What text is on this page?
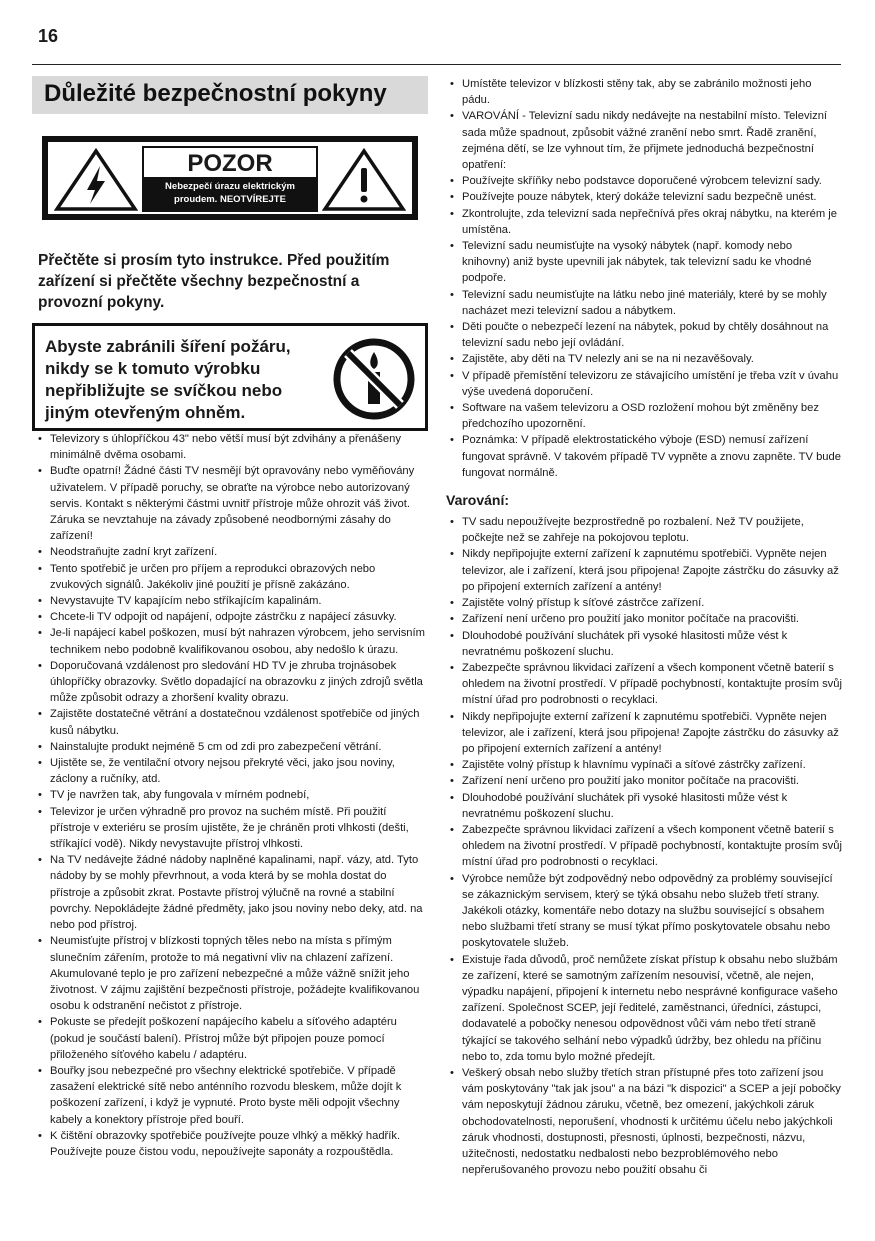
16
Důležité bezpečnostní pokyny
POZOR
Nebezpečí úrazu elektrickým
proudem. NEOTVÍREJTE
Přečtěte si prosím tyto instrukce. Před použitím zařízení si přečtěte všechny bezpečnostní a provozní pokyny.
Abyste zabránili šíření požáru, nikdy se k tomuto výrobku nepřibližujte se svíčkou nebo jiným otevřeným ohněm.
• Televizory s úhlopříčkou 43" nebo větší musí být zdvihány a přenášeny minimálně dvěma osobami.
• Buďte opatrní! Žádné části TV nesmějí být opravovány nebo vyměňovány uživatelem. V případě poruchy, se obraťte na výrobce nebo autorizovaný servis. Kontakt s některými částmi uvnitř přístroje může ohrozit váš život. Záruka se nevztahuje na závady způsobené neodbornými zásahy do zařízení!
• Neodstraňujte zadní kryt zařízení.
• Tento spotřebič je určen pro příjem a reprodukci obrazových nebo zvukových signálů. Jakékoliv jiné použití je přísně zakázáno.
• Nevystavujte TV kapajícím nebo stříkajícím kapalinám.
• Chcete-li TV odpojit od napájení, odpojte zástrčku z napájecí zásuvky.
• Je-li napájecí kabel poškozen, musí být nahrazen výrobcem, jeho servisním technikem nebo podobně kvalifikovanou osobou, aby nedošlo k úrazu.
• Doporučovaná vzdálenost pro sledování HD TV je zhruba trojnásobek úhlopříčky obrazovky. Světlo dopadající na obrazovku z jiných zdrojů světla může způsobit odrazy a zhoršení kvality obrazu.
• Zajistěte dostatečné větrání a dostatečnou vzdálenost spotřebiče od jiných kusů nábytku.
• Nainstalujte produkt nejméně 5 cm od zdi pro zabezpečení větrání.
• Ujistěte se, že ventilační otvory nejsou překryté věci, jako jsou noviny, záclony a ručníky, atd.
• TV je navržen tak, aby fungovala v mírném podnebí,
• Televizor je určen výhradně pro provoz na suchém místě. Při použití přístroje v exteriéru se prosím ujistěte, že je chráněn proti vlhkosti (dešti, stříkající vodě). Nikdy nevystavujte přístroj vlhkosti.
• Na TV nedávejte žádné nádoby naplněné kapalinami, např. vázy, atd. Tyto nádoby by se mohly převrhnout, a voda která by se mohla dostat do přístroje a způsobit zkrat. Postavte přístroj výlučně na rovné a stabilní povrchy. Nepokládejte žádné předměty, jako jsou noviny nebo deky, atd. na nebo pod přístroj.
• Neumisťujte přístroj v blízkosti topných těles nebo na místa s přímým slunečním zářením, protože to má negativní vliv na chlazení zařízení. Akumulované teplo je pro zařízení nebezpečné a může vážně snížit jeho životnost. V zájmu zajištění bezpečnosti přístroje, požádejte kvalifikovanou osobu k odstranění nečistot z přístroje.
• Pokuste se předejít poškození napájecího kabelu a síťového adaptéru (pokud je součástí balení). Přístroj může být připojen pouze pomocí přiloženého síťového kabelu / adaptéru.
• Bouřky jsou nebezpečné pro všechny elektrické spotřebiče. V případě zasažení elektrické sítě nebo anténního rozvodu bleskem, může dojít k poškození zařízení, i když je vypnuté. Proto byste měli odpojit všechny kabely a konektory přístroje před bouří.
• K čištění obrazovky spotřebiče používejte pouze vlhký a měkký hadřík. Používejte pouze čistou vodu, nepoužívejte saponáty a rozpouštědla.
• Umístěte televizor v blízkosti stěny tak, aby se zabránilo možnosti jeho pádu.
• VAROVÁNÍ - Televizní sadu nikdy nedávejte na nestabilní místo. Televizní sada může spadnout, způsobit vážné zranění nebo smrt. Řadě zranění, zejména dětí, se lze vyhnout tím, že přijmete jednoduchá bezpečnostní opatření:
• Používejte skříňky nebo podstavce doporučené výrobcem televizní sady.
• Používejte pouze nábytek, který dokáže televizní sadu bezpečně unést.
• Zkontrolujte, zda televizní sada nepřečnívá přes okraj nábytku, na kterém je umístěna.
• Televizní sadu neumisťujte na vysoký nábytek (např. komody nebo knihovny) aniž byste upevnili jak nábytek, tak televizní sadu ke vhodné podpoře.
• Televizní sadu neumisťujte na látku nebo jiné materiály, které by se mohly nacházet mezi televizní sadou a nábytkem.
• Děti poučte o nebezpečí lezení na nábytek, pokud by chtěly dosáhnout na televizní sadu nebo její ovládání.
• Zajistěte, aby děti na TV nelezly ani se na ni nezavěšovaly.
• V případě přemístění televizoru ze stávajícího umístění je třeba vzít v úvahu výše uvedená doporučení.
• Software na vašem televizoru a OSD rozložení mohou být změněny bez předchozího upozornění.
• Poznámka: V případě elektrostatického výboje (ESD) nemusí zařízení fungovat správně. V takovém případě TV vypněte a znovu zapněte. TV bude fungovat normálně.
Varování:
• TV sadu nepoužívejte bezprostředně po rozbalení. Než TV použijete, počkejte než se zahřeje na pokojovou teplotu.
• Nikdy nepřipojujte externí zařízení k zapnutému spotřebiči. Vypněte nejen televizor, ale i zařízení, která jsou připojena! Zapojte zástrčku do zásuvky až po připojení externích zařízení a antény!
• Zajistěte volný přístup k síťové zástrčce zařízení.
• Zařízení není určeno pro použití jako monitor počítače na pracovišti.
• Dlouhodobé používání sluchátek při vysoké hlasitosti může vést k nevratnému poškození sluchu.
• Zabezpečte správnou likvidaci zařízení a všech komponent včetně baterií s ohledem na životní prostředí. V případě pochybností, kontaktujte prosím svůj místní úřad pro podrobnosti o recyklaci.
• Nikdy nepřipojujte externí zařízení k zapnutému spotřebiči. Vypněte nejen televizor, ale i zařízení, která jsou připojena! Zapojte zástrčku do zásuvky až po připojení externích zařízení a antény!
• Zajistěte volný přístup k hlavnímu vypínači a síťové zástrčky zařízení.
• Zařízení není určeno pro použití jako monitor počítače na pracovišti.
• Dlouhodobé používání sluchátek při vysoké hlasitosti může vést k nevratnému poškození sluchu.
• Zabezpečte správnou likvidaci zařízení a všech komponent včetně baterií s ohledem na životní prostředí. V případě pochybností, kontaktujte prosím svůj místní úřad pro podrobnosti o recyklaci.
• Výrobce nemůže být zodpovědný nebo odpovědný za problémy související se zákaznickým servisem, který se týká obsahu nebo služeb třetí strany. Jakékoli otázky, komentáře nebo dotazy na službu související s obsahem nebo službami třetí strany se musí týkat přímo poskytovatele obsahu nebo poskytovatele služeb.
• Existuje řada důvodů, proč nemůžete získat přístup k obsahu nebo službám ze zařízení, které se samotným zařízením nesouvisí, včetně, ale nejen, výpadku napájení, připojení k internetu nebo nesprávné konfigurace vašeho zařízení. Společnost SCEP, její ředitelé, zaměstnanci, úředníci, zástupci, dodavatelé a pobočky nenesou odpovědnost vůči vám nebo třetí straně týkající se takového selhání nebo výpadků údržby, bez ohledu na příčinu nebo to, zda tomu bylo možné předejít.
• Veškerý obsah nebo služby třetích stran přístupné přes toto zařízení jsou vám poskytovány "tak jak jsou" a na bázi "k dispozici" a SCEP a její pobočky vám neposkytují žádnou záruku, včetně, bez omezení, jakýchkoli záruk obchodovatelnosti, neporušení, vhodnosti k určitému účelu nebo jakýchkoli záruk vhodnosti, dostupnosti, přesnosti, úplnosti, bezpečnosti, názvu, užitečnosti, nedostatku nedbalosti nebo bezproblémového nebo nepřerušovaného provozu nebo použití obsahu či
